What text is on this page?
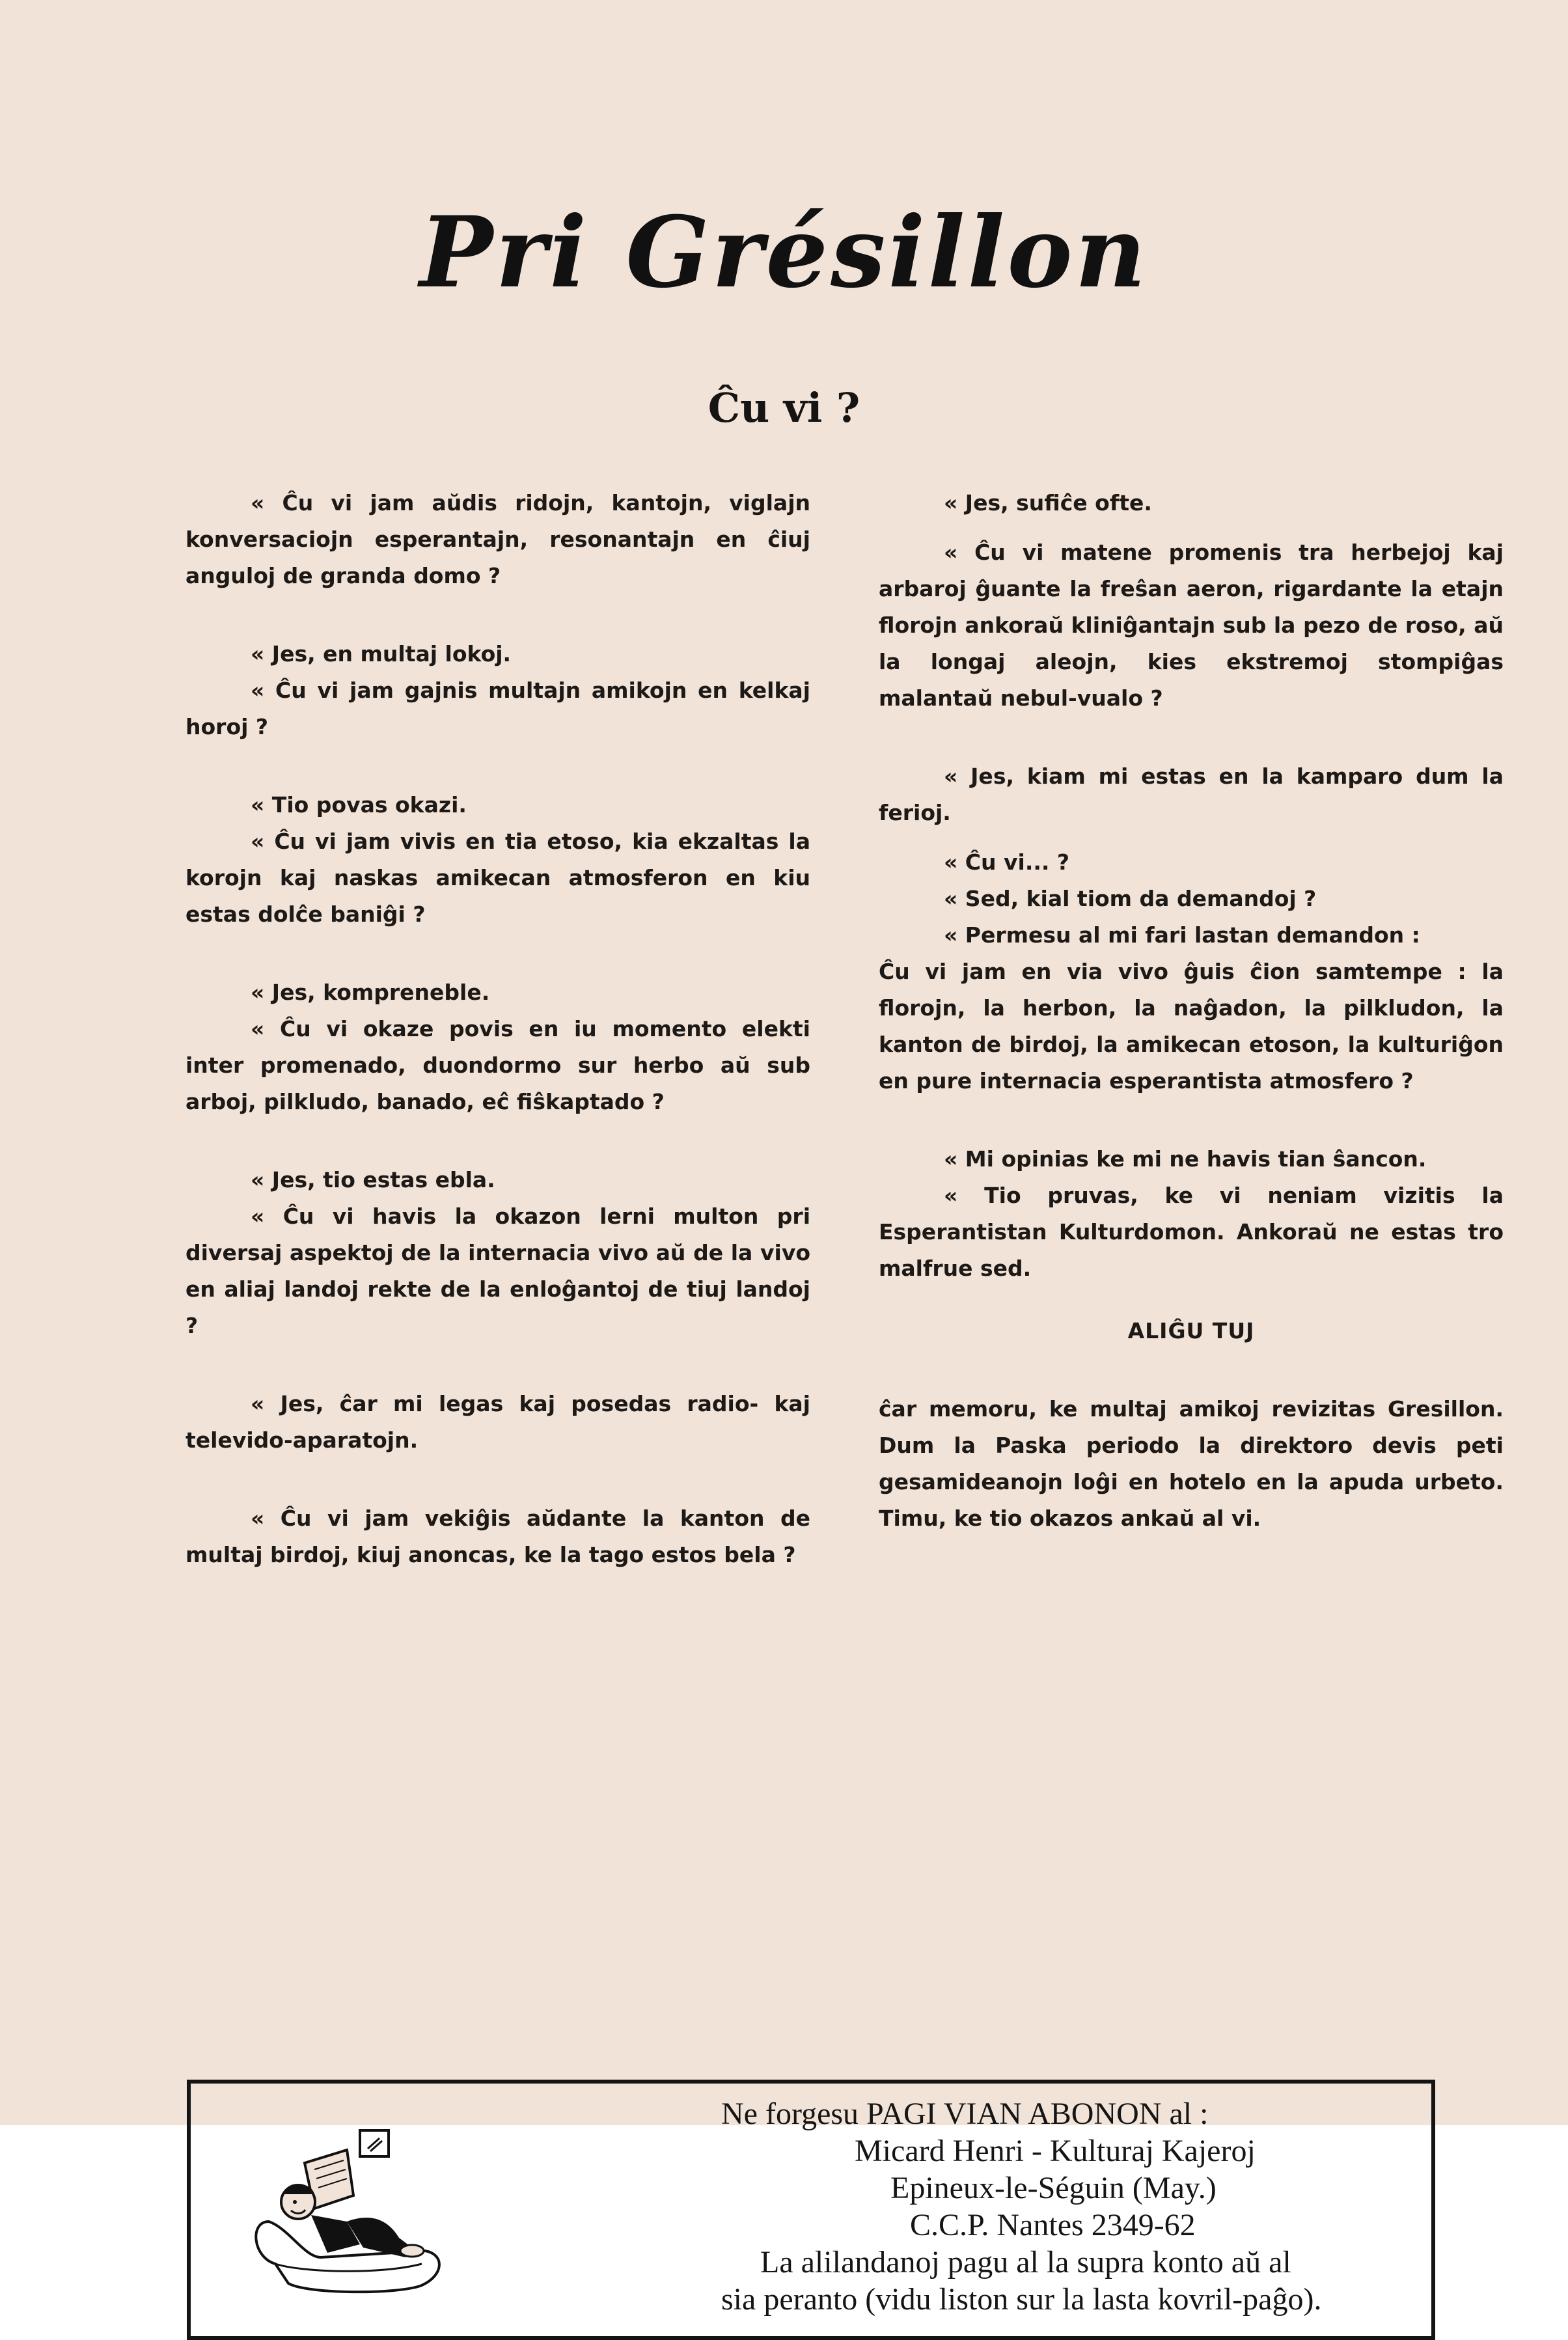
Pri Grésillon
Ĉu vi ?

« Ĉu vi jam aŭdis ridojn, kantojn, viglajn konversaciojn esperantajn, resonantajn en ĉiuj anguloj de granda domo ?

« Jes, en multaj lokoj.

« Ĉu vi jam gajnis multajn amikojn en kelkaj horoj ?

« Tio povas okazi.

« Ĉu vi jam vivis en tia etoso, kia ekzaltas la korojn kaj naskas amikecan atmosferon en kiu estas dolĉe baniĝi ?

« Jes, kompreneble.

« Ĉu vi okaze povis en iu momento elekti inter promenado, duondormo sur herbo aŭ sub arboj, pilkludo, banado, eĉ fiŝkaptado ?

« Jes, tio estas ebla.

« Ĉu vi havis la okazon lerni multon pri diversaj aspektoj de la internacia vivo aŭ de la vivo en aliaj landoj rekte de la enloĝantoj de tiuj landoj ?

« Jes, ĉar mi legas kaj posedas radio- kaj televido-aparatojn.

« Ĉu vi jam vekiĝis aŭdante la kanton de multaj birdoj, kiuj anoncas, ke la tago estos bela ?

« Jes, sufiĉe ofte.

« Ĉu vi matene promenis tra herbejoj kaj arbaroj ĝuante la freŝan aeron, rigardante la etajn florojn ankoraŭ kliniĝantajn sub la pezo de roso, aŭ la longaj aleojn, kies ekstremoj stompiĝas malantaŭ nebul-vualo ?

« Jes, kiam mi estas en la kamparo dum la ferioj.

« Ĉu vi... ?

« Sed, kial tiom da demandoj ?

« Permesu al mi fari lastan demandon :

Ĉu vi jam en via vivo ĝuis ĉion samtempe : la florojn, la herbon, la naĝadon, la pilkludon, la kanton de birdoj, la amikecan etoson, la kulturiĝon en pure internacia esperantista atmosfero ?

« Mi opinias ke mi ne havis tian ŝancon.

« Tio pruvas, ke vi neniam vizitis la Esperantistan Kulturdomon. Ankoraŭ ne estas tro malfrue sed.

ALIĜU TUJ

ĉar memoru, ke multaj amikoj revizitas Gresillon. Dum la Paska periodo la direktoro devis peti gesamideanojn loĝi en hotelo en la apuda urbeto. Timu, ke tio okazos ankaŭ al vi.

Ne forgesu PAGI VIAN ABONON al :
Micard Henri - Kulturaj Kajeroj
Epineux-le-Séguin (May.)
C.C.P. Nantes 2349-62
La alilandanoj pagu al la supra konto aŭ al
sia peranto (vidu liston sur la lasta kovril-paĝo).
